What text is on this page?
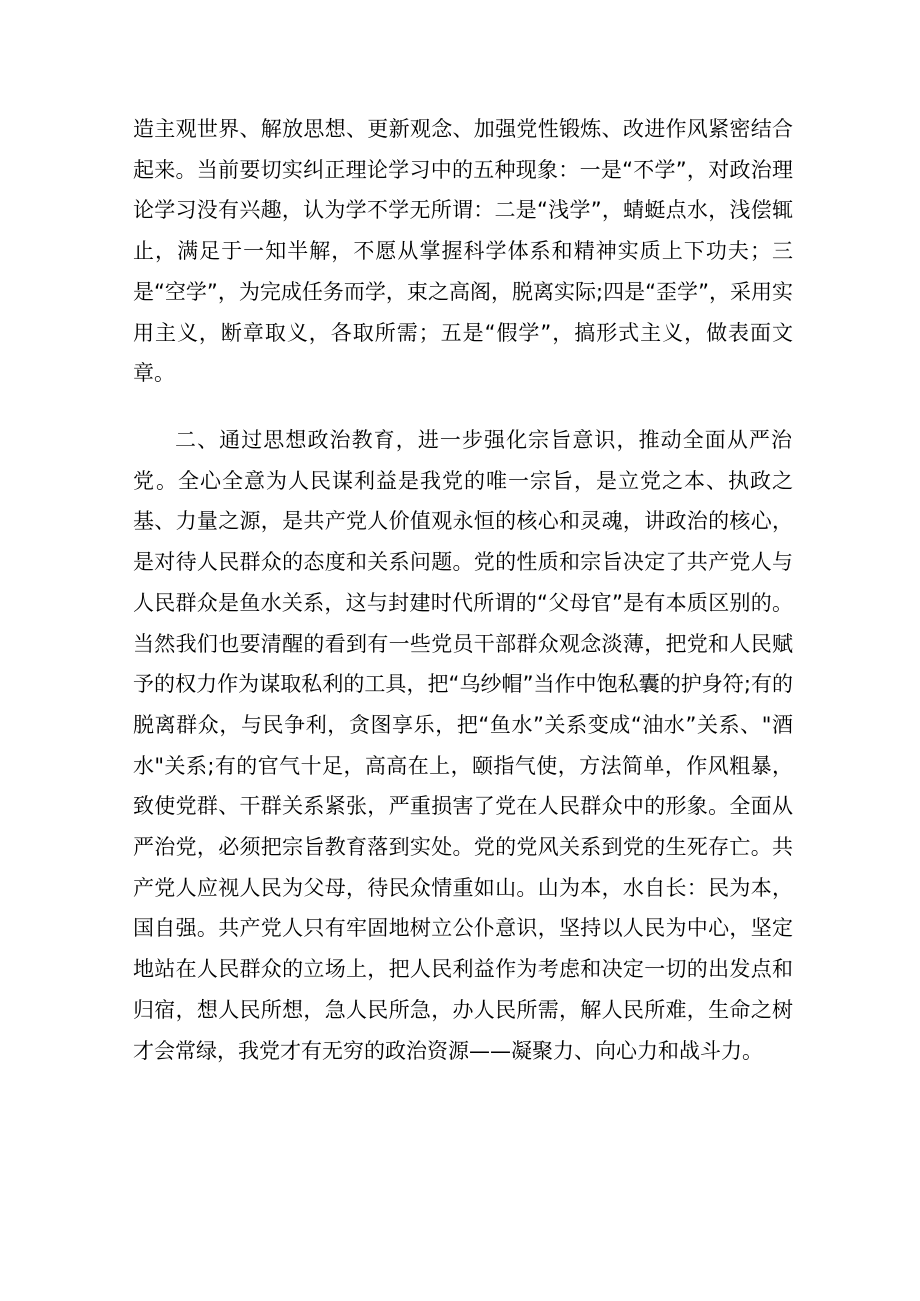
造主观世界、解放思想、更新观念、加强党性锻炼、改进作风紧密结合起来。当前要切实纠正理论学习中的五种现象：一是“不学”，对政治理论学习没有兴趣，认为学不学无所谓：二是“浅学”，蜻蜓点水，浅偿辄止，满足于一知半解，不愿从掌握科学体系和精神实质上下功夫；三是“空学”，为完成任务而学，束之高阁，脱离实际;四是“歪学”，采用实用主义，断章取义，各取所需；五是“假学”，搞形式主义，做表面文章。

二、通过思想政治教育，进一步强化宗旨意识，推动全面从严治党。全心全意为人民谋利益是我党的唯一宗旨，是立党之本、执政之基、力量之源，是共产党人价值观永恒的核心和灵魂，讲政治的核心，是对待人民群众的态度和关系问题。党的性质和宗旨决定了共产党人与人民群众是鱼水关系，这与封建时代所谓的“父母官”是有本质区别的。当然我们也要清醒的看到有一些党员干部群众观念淡薄，把党和人民赋予的权力作为谋取私利的工具，把“乌纱帽”当作中饱私囊的护身符;有的脱离群众，与民争利，贪图享乐，把“鱼水”关系变成“油水”关系、"酒水"关系;有的官气十足，高高在上，颐指气使，方法简单，作风粗暴，致使党群、干群关系紧张，严重损害了党在人民群众中的形象。全面从严治党，必须把宗旨教育落到实处。党的党风关系到党的生死存亡。共产党人应视人民为父母，待民众情重如山。山为本，水自长：民为本，国自强。共产党人只有牢固地树立公仆意识，坚持以人民为中心，坚定地站在人民群众的立场上，把人民利益作为考虑和决定一切的出发点和归宿，想人民所想，急人民所急，办人民所需，解人民所难，生命之树才会常绿，我党才有无穷的政治资源——凝聚力、向心力和战斗力。
